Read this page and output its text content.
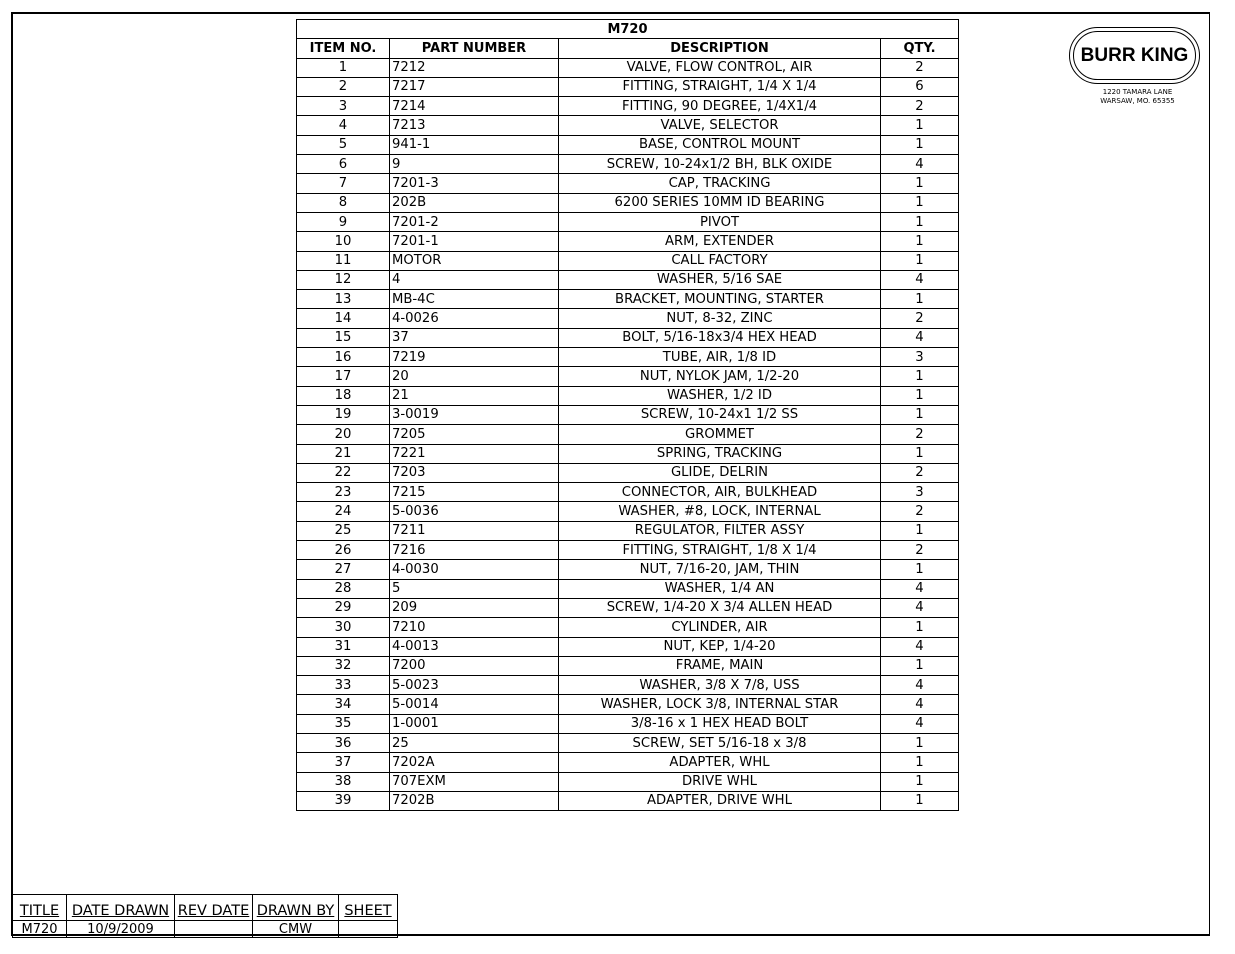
M720			
ITEM NO.	PART NUMBER	DESCRIPTION	QTY.
1	7212	VALVE, FLOW CONTROL, AIR	2
2	7217	FITTING, STRAIGHT, 1/4 X 1/4	6
3	7214	FITTING, 90 DEGREE, 1/4X1/4	2
4	7213	VALVE, SELECTOR	1
5	941-1	BASE, CONTROL MOUNT	1
6	9	SCREW, 10-24x1/2 BH, BLK OXIDE	4
7	7201-3	CAP, TRACKING	1
8	202B	6200 SERIES 10MM ID BEARING	1
9	7201-2	PIVOT	1
10	7201-1	ARM, EXTENDER	1
11	MOTOR	CALL FACTORY	1
12	4	WASHER, 5/16 SAE	4
13	MB-4C	BRACKET, MOUNTING, STARTER	1
14	4-0026	NUT, 8-32, ZINC	2
15	37	BOLT, 5/16-18x3/4 HEX HEAD	4
16	7219	TUBE, AIR, 1/8 ID	3
17	20	NUT, NYLOK JAM, 1/2-20	1
18	21	WASHER, 1/2 ID	1
19	3-0019	SCREW, 10-24x1 1/2 SS	1
20	7205	GROMMET	2
21	7221	SPRING, TRACKING	1
22	7203	GLIDE, DELRIN	2
23	7215	CONNECTOR, AIR, BULKHEAD	3
24	5-0036	WASHER, #8, LOCK, INTERNAL	2
25	7211	REGULATOR, FILTER ASSY	1
26	7216	FITTING, STRAIGHT, 1/8 X 1/4	2
27	4-0030	NUT, 7/16-20, JAM, THIN	1
28	5	WASHER, 1/4 AN	4
29	209	SCREW, 1/4-20 X 3/4 ALLEN HEAD	4
30	7210	CYLINDER, AIR	1
31	4-0013	NUT, KEP, 1/4-20	4
32	7200	FRAME, MAIN	1
33	5-0023	WASHER, 3/8 X 7/8, USS	4
34	5-0014	WASHER, LOCK 3/8, INTERNAL STAR	4
35	1-0001	3/8-16 x 1 HEX HEAD BOLT	4
36	25	SCREW, SET 5/16-18 x 3/8	1
37	7202A	ADAPTER, WHL	1
38	707EXM	DRIVE WHL	1
39	7202B	ADAPTER, DRIVE WHL	1
BURR KING
1220 TAMARA LANE
WARSAW, MO. 65355
TITLE	DATE DRAWN	REV DATE	DRAWN BY	SHEET
M720	10/9/2009		CMW	
